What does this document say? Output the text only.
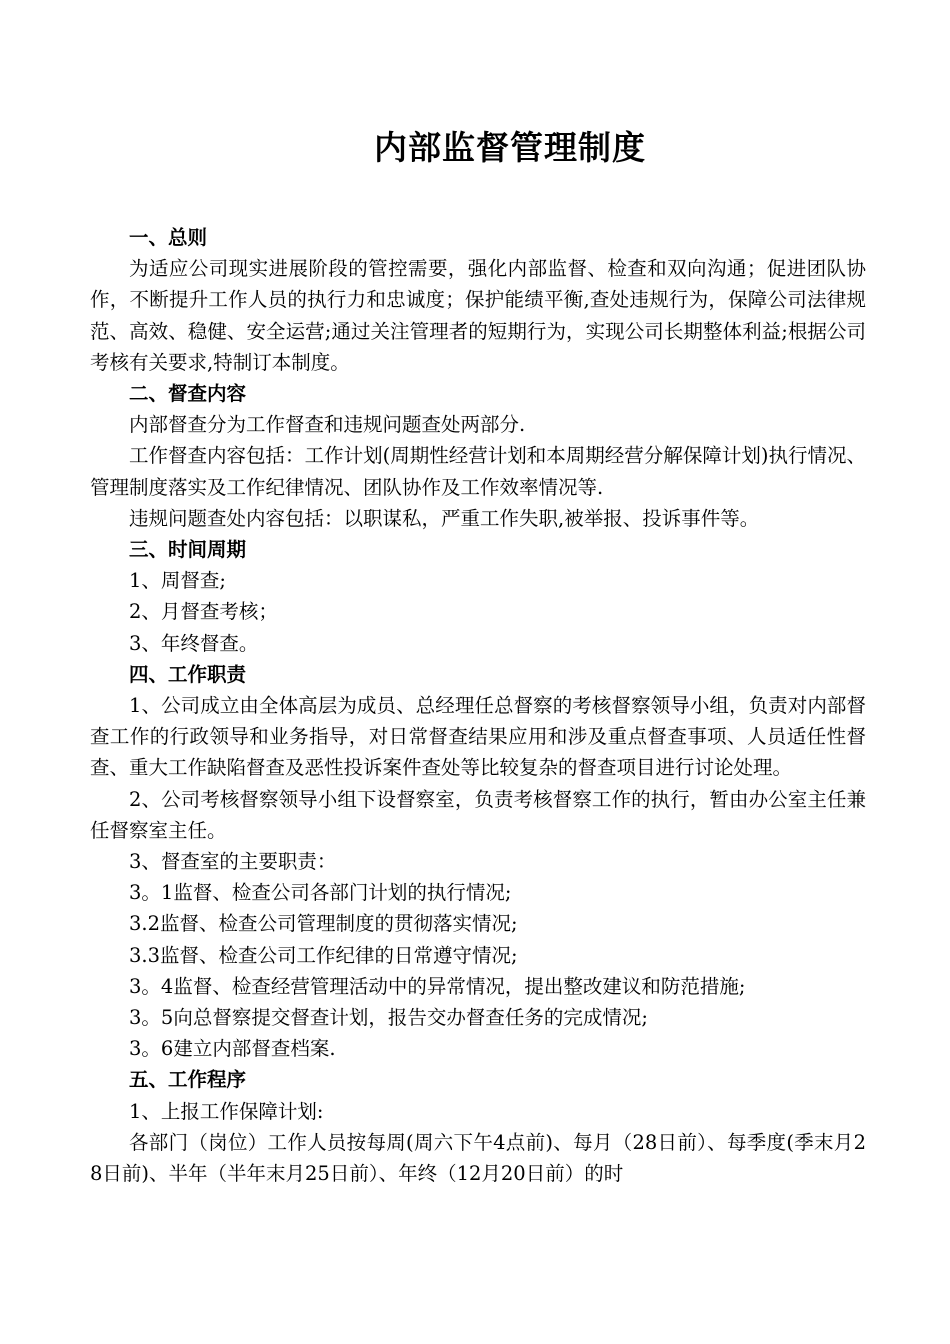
内部监督管理制度

一、总则

为适应公司现实进展阶段的管控需要，强化内部监督、检查和双向沟通；促进团队协作，不断提升工作人员的执行力和忠诚度；保护能绩平衡,查处违规行为，保障公司法律规范、高效、稳健、安全运营;通过关注管理者的短期行为，实现公司长期整体利益;根据公司考核有关要求,特制订本制度。

二、督查内容

内部督查分为工作督查和违规问题查处两部分.

工作督查内容包括：工作计划(周期性经营计划和本周期经营分解保障计划)执行情况、管理制度落实及工作纪律情况、团队协作及工作效率情况等.

违规问题查处内容包括：以职谋私，严重工作失职,被举报、投诉事件等。

三、时间周期

1、周督查;

2、月督查考核；

3、年终督查。

四、工作职责

1、公司成立由全体高层为成员、总经理任总督察的考核督察领导小组，负责对内部督查工作的行政领导和业务指导，对日常督查结果应用和涉及重点督查事项、人员适任性督查、重大工作缺陷督查及恶性投诉案件查处等比较复杂的督查项目进行讨论处理。

2、公司考核督察领导小组下设督察室，负责考核督察工作的执行，暂由办公室主任兼任督察室主任。

3、督查室的主要职责：

3。1监督、检查公司各部门计划的执行情况;

3.2监督、检查公司管理制度的贯彻落实情况;

3.3监督、检查公司工作纪律的日常遵守情况;

3。4监督、检查经营管理活动中的异常情况，提出整改建议和防范措施;

3。5向总督察提交督查计划，报告交办督查任务的完成情况;

3。6建立内部督查档案.

五、工作程序

1、上报工作保障计划:

各部门（岗位）工作人员按每周(周六下午4点前)、每月（28日前）、每季度(季末月28日前)、半年（半年末月25日前）、年终（12月20日前）的时
